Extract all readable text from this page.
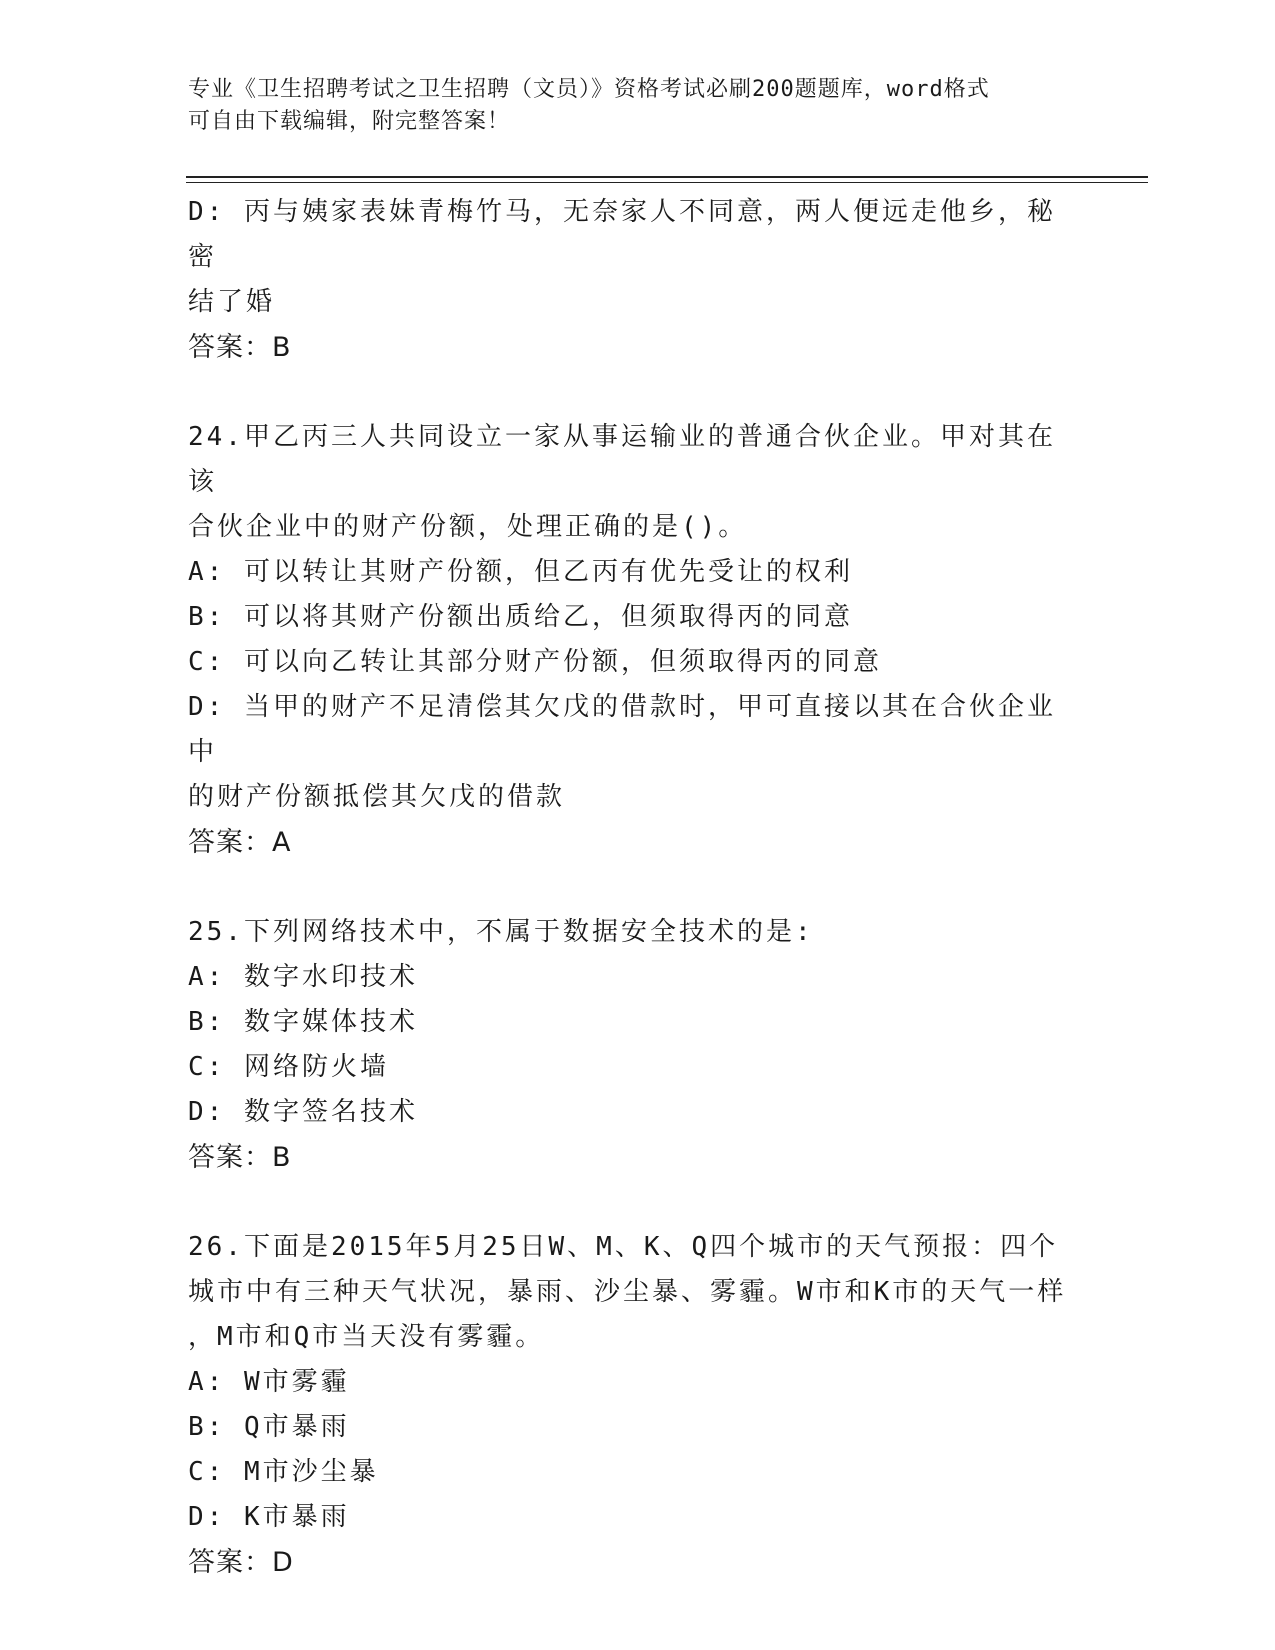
专业《卫生招聘考试之卫生招聘（文员）》资格考试必刷200题题库，word格式
可自由下载编辑，附完整答案！
D: 丙与姨家表妹青梅竹马，无奈家人不同意，两人便远走他乡，秘密
结了婚
答案：B
24.甲乙丙三人共同设立一家从事运输业的普通合伙企业。甲对其在该
合伙企业中的财产份额，处理正确的是()。
A: 可以转让其财产份额，但乙丙有优先受让的权利
B: 可以将其财产份额出质给乙，但须取得丙的同意
C: 可以向乙转让其部分财产份额，但须取得丙的同意
D: 当甲的财产不足清偿其欠戊的借款时，甲可直接以其在合伙企业中
的财产份额抵偿其欠戊的借款
答案：A
25.下列网络技术中，不属于数据安全技术的是:
A: 数字水印技术
B: 数字媒体技术
C: 网络防火墙
D: 数字签名技术
答案：B
26.下面是2015年5月25日W、M、K、Q四个城市的天气预报：四个
城市中有三种天气状况，暴雨、沙尘暴、雾霾。W市和K市的天气一样
，M市和Q市当天没有雾霾。
A: W市雾霾
B: Q市暴雨
C: M市沙尘暴
D: K市暴雨
答案：D
